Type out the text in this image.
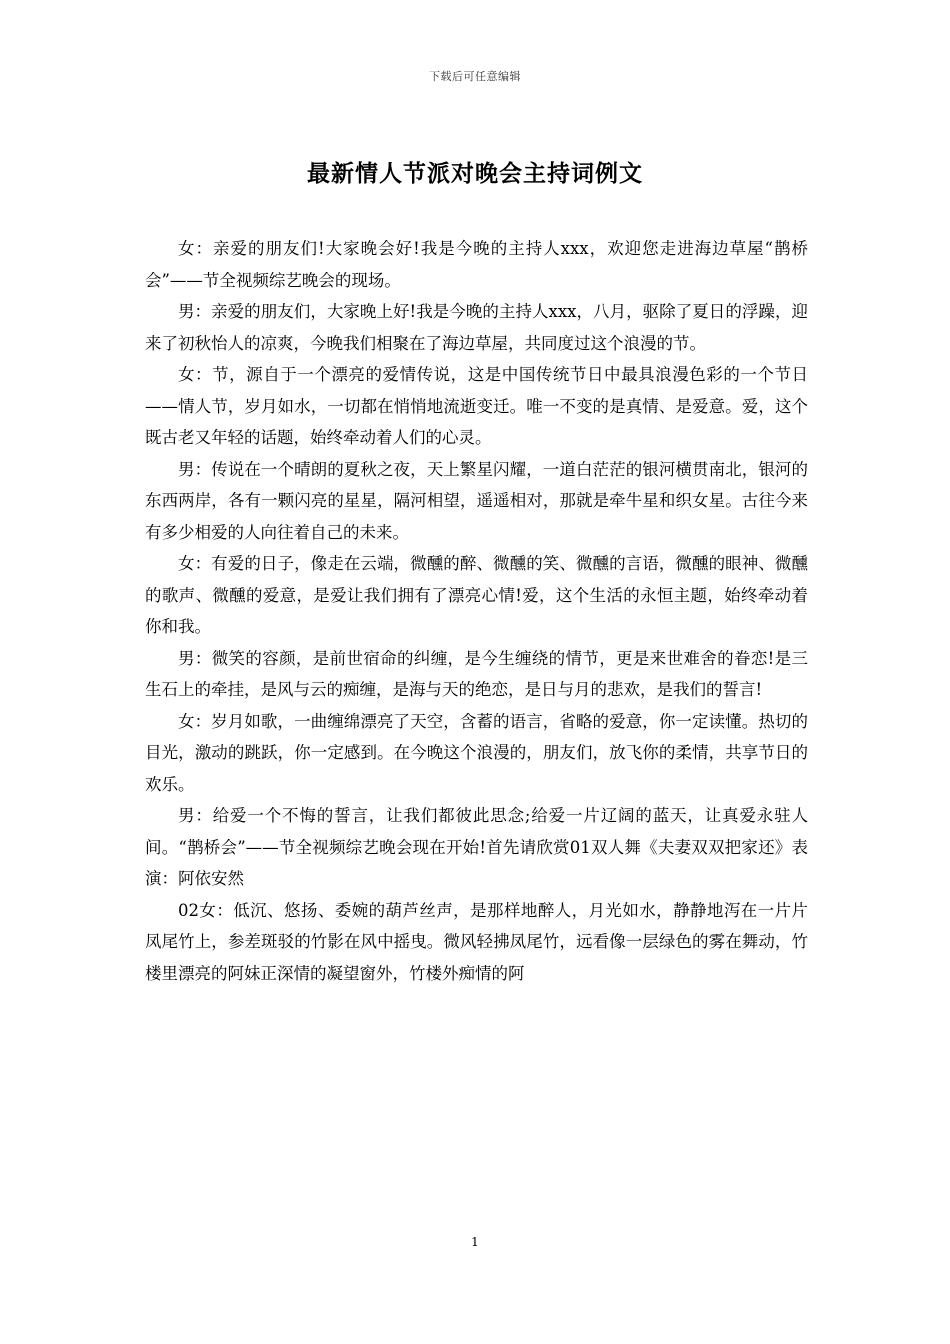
下载后可任意编辑
最新情人节派对晚会主持词例文

女：亲爱的朋友们!大家晚会好!我是今晚的主持人xxx，欢迎您走进海边草屋“鹊桥会”——节全视频综艺晚会的现场。

男：亲爱的朋友们，大家晚上好!我是今晚的主持人xxx，八月，驱除了夏日的浮躁，迎来了初秋怡人的凉爽，今晚我们相聚在了海边草屋，共同度过这个浪漫的节。

女：节，源自于一个漂亮的爱情传说，这是中国传统节日中最具浪漫色彩的一个节日——情人节，岁月如水，一切都在悄悄地流逝变迁。唯一不变的是真情、是爱意。爱，这个既古老又年轻的话题，始终牵动着人们的心灵。

男：传说在一个晴朗的夏秋之夜，天上繁星闪耀，一道白茫茫的银河横贯南北，银河的东西两岸，各有一颗闪亮的星星，隔河相望，遥遥相对，那就是牵牛星和织女星。古往今来有多少相爱的人向往着自己的未来。

女：有爱的日子，像走在云端，微醺的醉、微醺的笑、微醺的言语，微醺的眼神、微醺的歌声、微醺的爱意，是爱让我们拥有了漂亮心情!爱，这个生活的永恒主题，始终牵动着你和我。

男：微笑的容颜，是前世宿命的纠缠，是今生缠绕的情节，更是来世难舍的眷恋!是三生石上的牵挂，是风与云的痴缠，是海与天的绝恋，是日与月的悲欢，是我们的誓言!

女：岁月如歌，一曲缠绵漂亮了天空，含蓄的语言，省略的爱意，你一定读懂。热切的目光，激动的跳跃，你一定感到。在今晚这个浪漫的，朋友们，放飞你的柔情，共享节日的欢乐。

男：给爱一个不悔的誓言，让我们都彼此思念;给爱一片辽阔的蓝天，让真爱永驻人间。“鹊桥会”——节全视频综艺晚会现在开始!首先请欣赏01双人舞《夫妻双双把家还》表演：阿依安然

02女：低沉、悠扬、委婉的葫芦丝声，是那样地醉人，月光如水，静静地泻在一片片凤尾竹上，参差斑驳的竹影在风中摇曳。微风轻拂凤尾竹，远看像一层绿色的雾在舞动，竹楼里漂亮的阿妹正深情的凝望窗外，竹楼外痴情的阿

1
